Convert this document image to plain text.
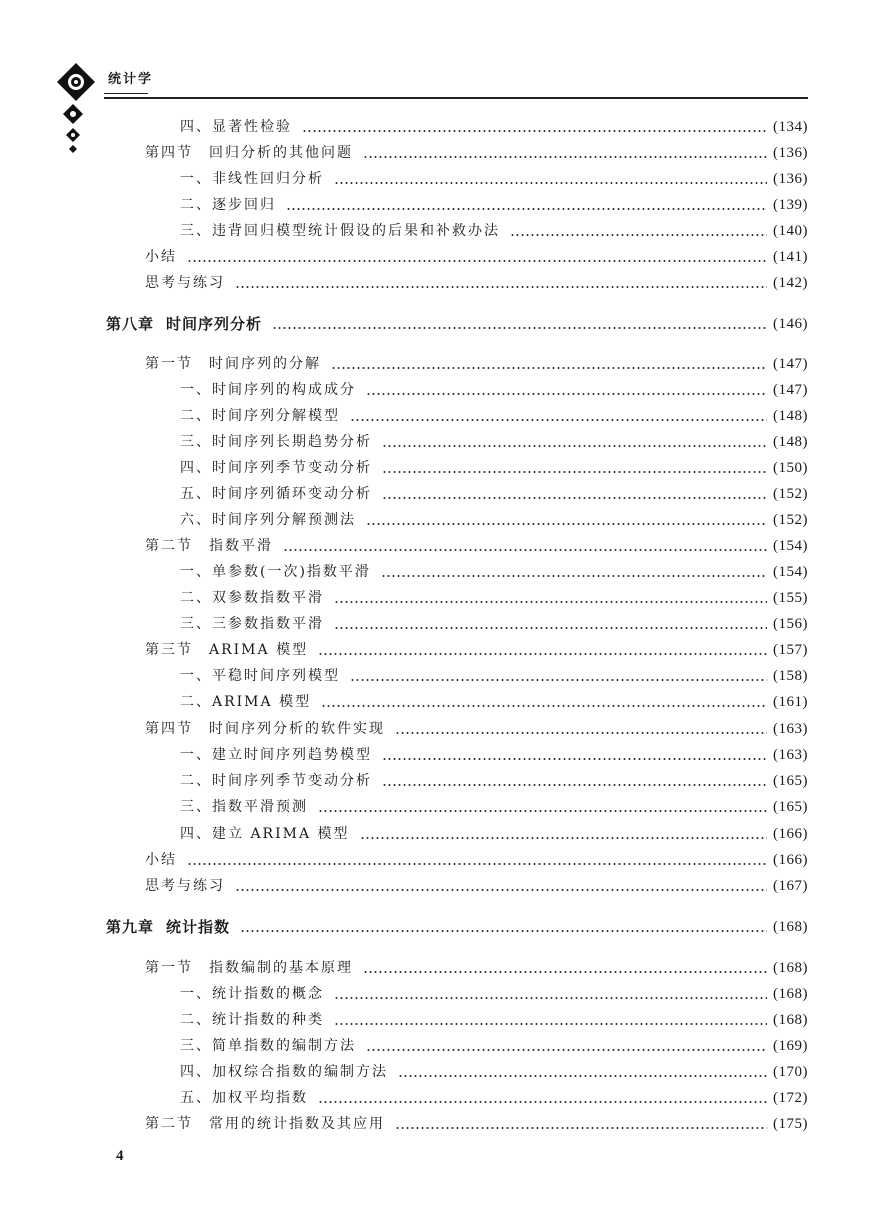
统计学
四、 显著性检验	(134)
第四节 回归分析的其他问题	(136)
一、 非线性回归分析	(136)
二、 逐步回归	(139)
三、 违背回归模型统计假设的后果和补救办法	(140)
小结	(141)
思考与练习	(142)
第八章 时间序列分析	(146)
第一节 时间序列的分解	(147)
一、 时间序列的构成成分	(147)
二、 时间序列分解模型	(148)
三、 时间序列长期趋势分析	(148)
四、 时间序列季节变动分析	(150)
五、 时间序列循环变动分析	(152)
六、 时间序列分解预测法	(152)
第二节 指数平滑	(154)
一、 单参数(一次)指数平滑	(154)
二、 双参数指数平滑	(155)
三、 三参数指数平滑	(156)
第三节 ARIMA 模型	(157)
一、 平稳时间序列模型	(158)
二、 ARIMA 模型	(161)
第四节 时间序列分析的软件实现	(163)
一、 建立时间序列趋势模型	(163)
二、 时间序列季节变动分析	(165)
三、 指数平滑预测	(165)
四、 建立 ARIMA 模型	(166)
小结	(166)
思考与练习	(167)
第九章 统计指数	(168)
第一节 指数编制的基本原理	(168)
一、 统计指数的概念	(168)
二、 统计指数的种类	(168)
三、 简单指数的编制方法	(169)
四、 加权综合指数的编制方法	(170)
五、 加权平均指数	(172)
第二节 常用的统计指数及其应用	(175)
4
